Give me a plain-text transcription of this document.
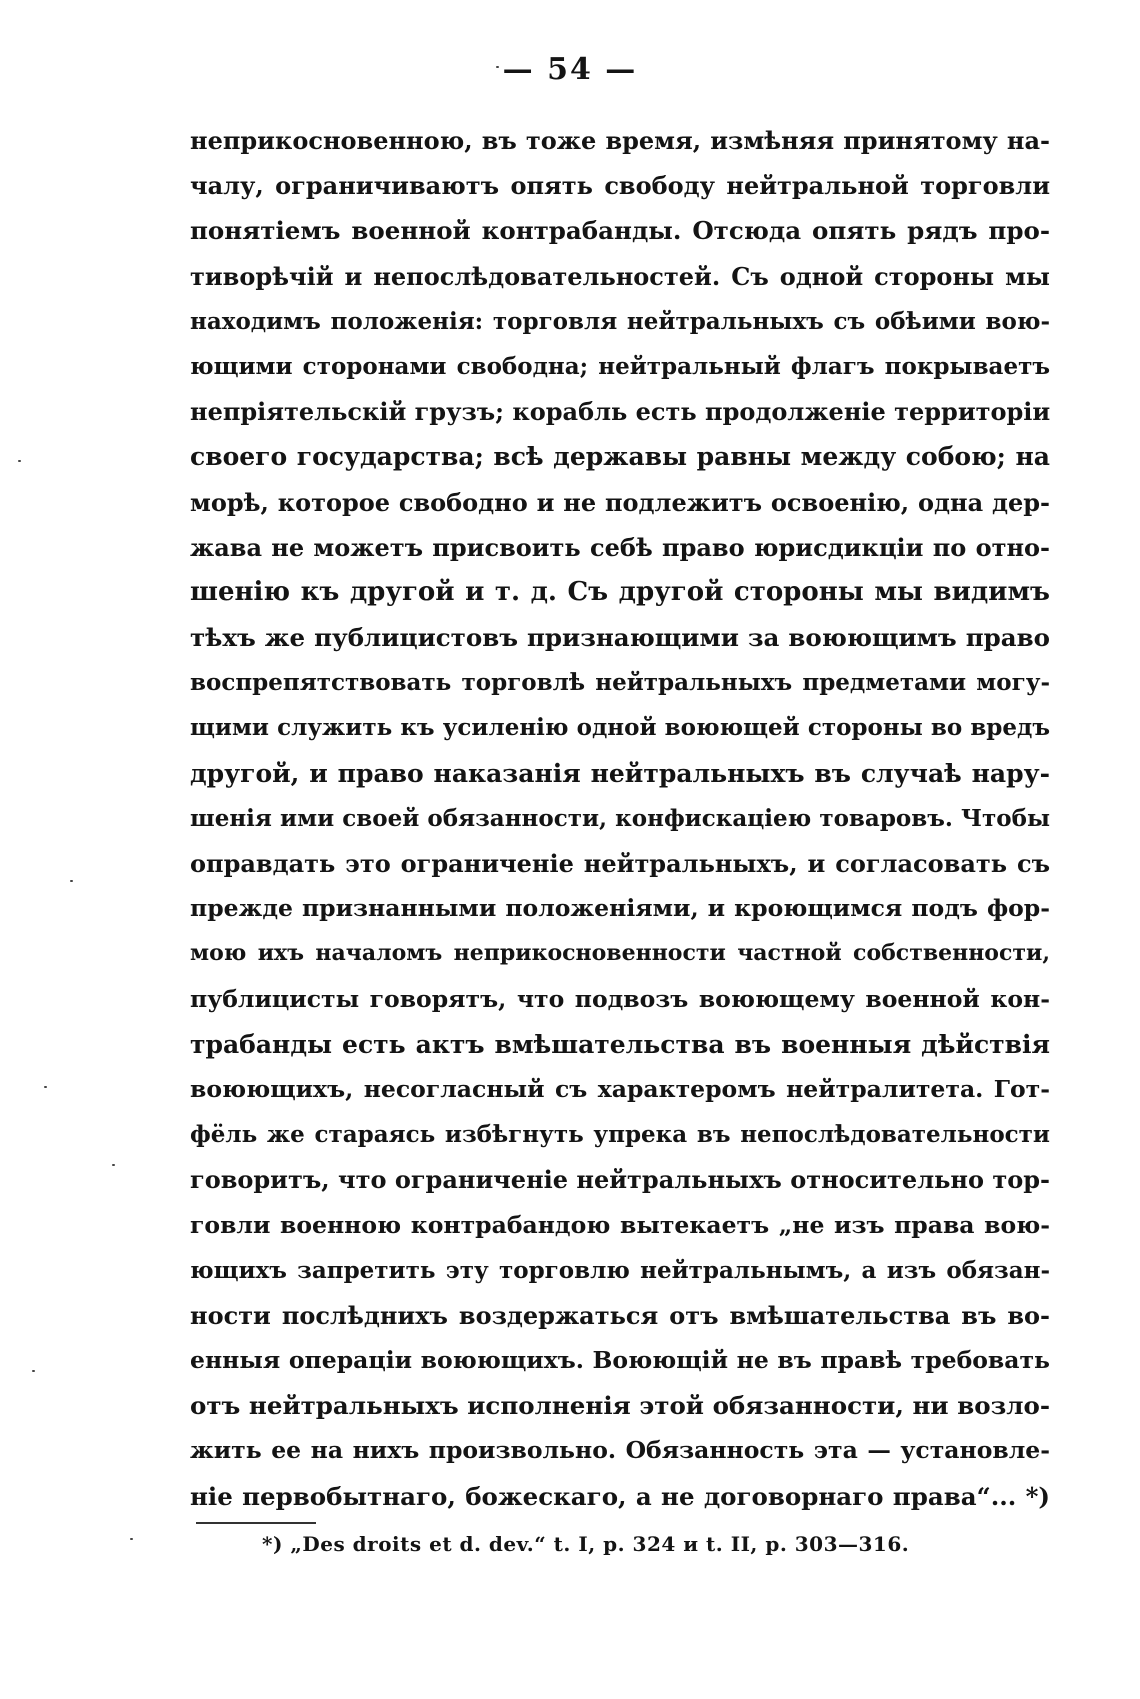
— 54 —
неприкосновенною, въ тоже время, измѣняя принятому на-
чалу, ограничиваютъ опять свободу нейтральной торговли
понятіемъ военной контрабанды. Отсюда опять рядъ про-
тиворѣчій и непослѣдовательностей. Съ одной стороны мы
находимъ положенія: торговля нейтральныхъ съ обѣими вою-
ющими сторонами свободна; нейтральный флагъ покрываетъ
непріятельскій грузъ; корабль есть продолженіе территоріи
своего государства; всѣ державы равны между собою; на
морѣ, которое свободно и не подлежитъ освоенію, одна дер-
жава не можетъ присвоить себѣ право юрисдикціи по отно-
шенію къ другой и т. д. Съ другой стороны мы видимъ
тѣхъ же публицистовъ признающими за воюющимъ право
воспрепятствовать торговлѣ нейтральныхъ предметами могу-
щими служить къ усиленію одной воюющей стороны во вредъ
другой, и право наказанія нейтральныхъ въ случаѣ нару-
шенія ими своей обязанности, конфискаціею товаровъ. Чтобы
оправдать это ограниченіе нейтральныхъ, и согласовать съ
прежде признанными положеніями, и кроющимся подъ фор-
мою ихъ началомъ неприкосновенности частной собственности,
публицисты говорятъ, что подвозъ воюющему военной кон-
трабанды есть актъ вмѣшательства въ военныя дѣйствія
воюющихъ, несогласный съ характеромъ нейтралитета. Гот-
фёль же стараясь избѣгнуть упрека въ непослѣдовательности
говоритъ, что ограниченіе нейтральныхъ относительно тор-
говли военною контрабандою вытекаетъ „не изъ права вою-
ющихъ запретить эту торговлю нейтральнымъ, а изъ обязан-
ности послѣднихъ воздержаться отъ вмѣшательства въ во-
енныя операціи воюющихъ. Воюющій не въ правѣ требовать
отъ нейтральныхъ исполненія этой обязанности, ни возло-
жить ее на нихъ произвольно. Обязанность эта — установле-
ніе первобытнаго, божескаго, а не договорнаго права“... *)
*) „Des droits et d. dev.“ t. I, p. 324 и t. II, p. 303—316.
